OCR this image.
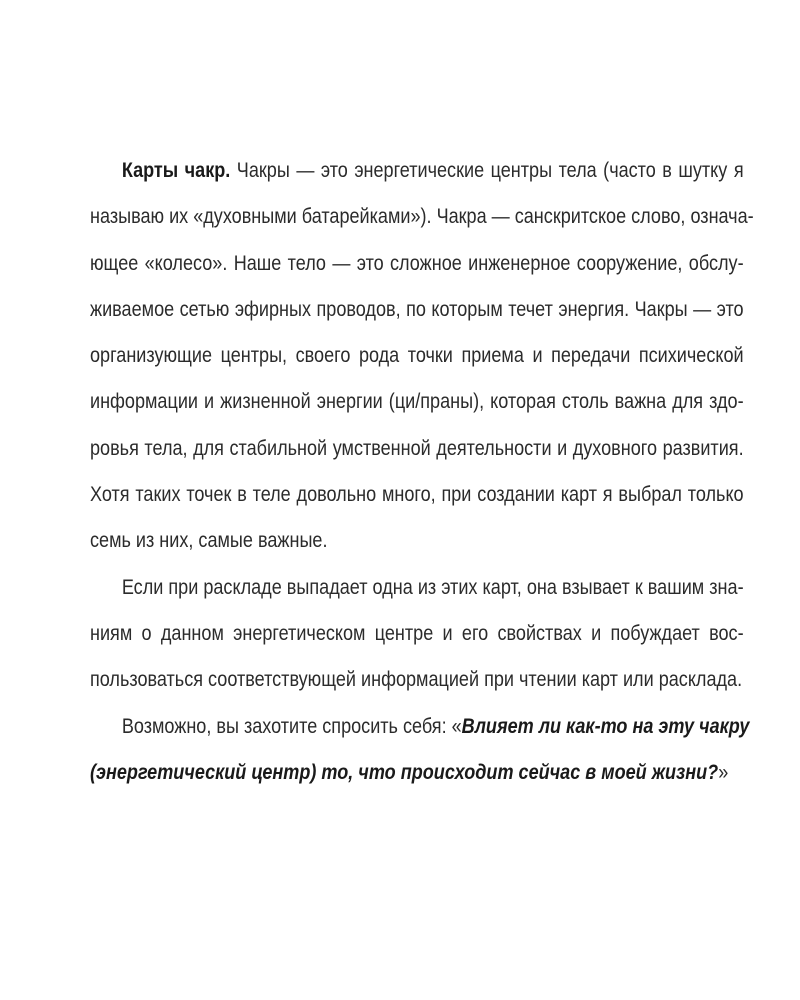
Карты чакр. Чакры — это энергетические центры тела (часто в шутку я
называю их «духовными батарейками»). Чакра — санскритское слово, означа-
ющее «колесо». Наше тело — это сложное инженерное сооружение, обслу-
живаемое сетью эфирных проводов, по которым течет энергия. Чакры — это
организующие центры, своего рода точки приема и передачи психической
информации и жизненной энергии (ци/праны), которая столь важна для здо-
ровья тела, для стабильной умственной деятельности и духовного развития.
Хотя таких точек в теле довольно много, при создании карт я выбрал только
семь из них, самые важные.
Если при раскладе выпадает одна из этих карт, она взывает к вашим зна-
ниям о данном энергетическом центре и его свойствах и побуждает вос-
пользоваться соответствующей информацией при чтении карт или расклада.
Возможно, вы захотите спросить себя: «Влияет ли как-то на эту чакру
(энергетический центр) то, что происходит сейчас в моей жизни?»
